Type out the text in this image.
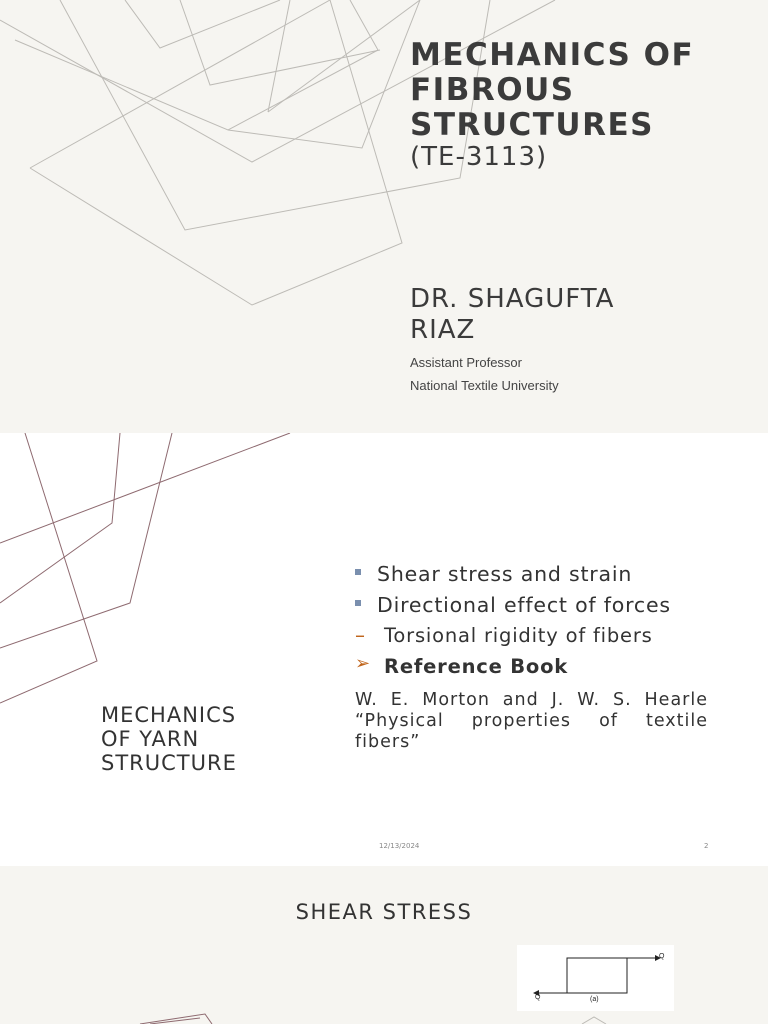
MECHANICS OF
FIBROUS
STRUCTURES
(TE-3113)
DR. SHAGUFTA
RIAZ
Assistant Professor
National Textile University
MECHANICS
OF YARN
STRUCTURE
Shear stress and strain
Directional effect of forces
– Torsional rigidity of fibers
➢ Reference Book
W. E. Morton and J. W. S. Hearle “Physical properties of textile fibers”
12/13/2024	2
SHEAR STRESS
Q
Q	(a)
